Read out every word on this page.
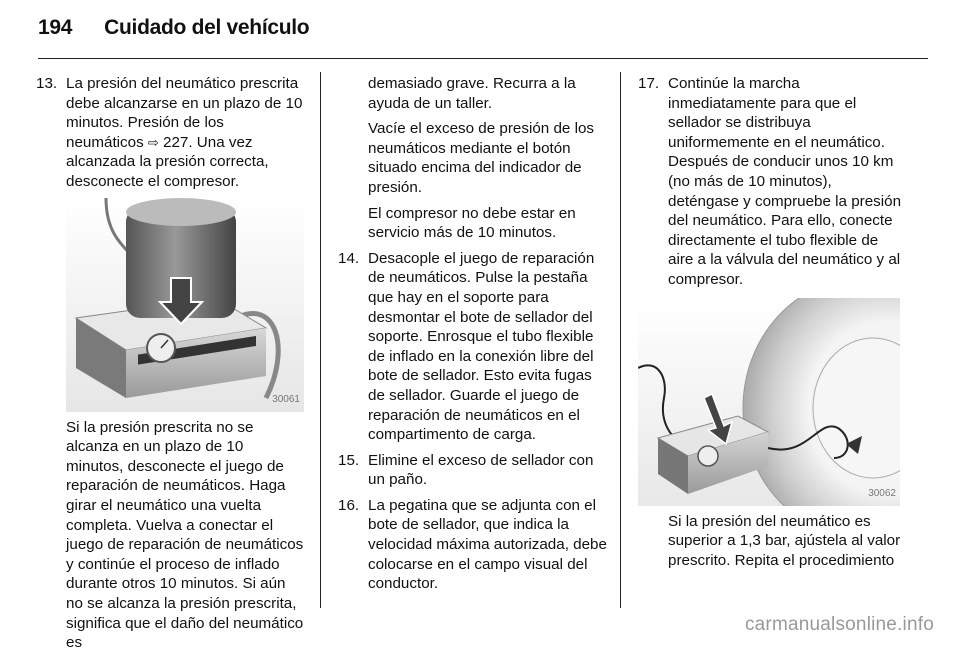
194 Cuidado del vehículo
13. La presión del neumático prescrita debe alcanzarse en un plazo de 10 minutos. Presión de los neumáticos ⇨ 227. Una vez alcanzada la presión correcta, desconecte el compresor.
30061

Si la presión prescrita no se alcanza en un plazo de 10 minutos, desconecte el juego de reparación de neumáticos. Haga girar el neumático una vuelta completa. Vuelva a conectar el juego de reparación de neumáticos y continúe el proceso de inflado durante otros 10 minutos. Si aún no se alcanza la presión prescrita, significa que el daño del neumático es

demasiado grave. Recurra a la ayuda de un taller.

Vacíe el exceso de presión de los neumáticos mediante el botón situado encima del indicador de presión.

El compresor no debe estar en servicio más de 10 minutos.

14. Desacople el juego de reparación de neumáticos. Pulse la pestaña que hay en el soporte para desmontar el bote de sellador del soporte. Enrosque el tubo flexible de inflado en la conexión libre del bote de sellador. Esto evita fugas de sellador. Guarde el juego de reparación de neumáticos en el compartimento de carga.
15. Elimine el exceso de sellador con un paño.
16. La pegatina que se adjunta con el bote de sellador, que indica la velocidad máxima autorizada, debe colocarse en el campo visual del conductor.
17. Continúe la marcha inmediatamente para que el sellador se distribuya uniformemente en el neumático. Después de conducir unos 10 km (no más de 10 minutos), deténgase y compruebe la presión del neumático. Para ello, conecte directamente el tubo flexible de aire a la válvula del neumático y al compresor.
30062

Si la presión del neumático es superior a 1,3 bar, ajústela al valor prescrito. Repita el procedimiento

carmanualsonline.info
